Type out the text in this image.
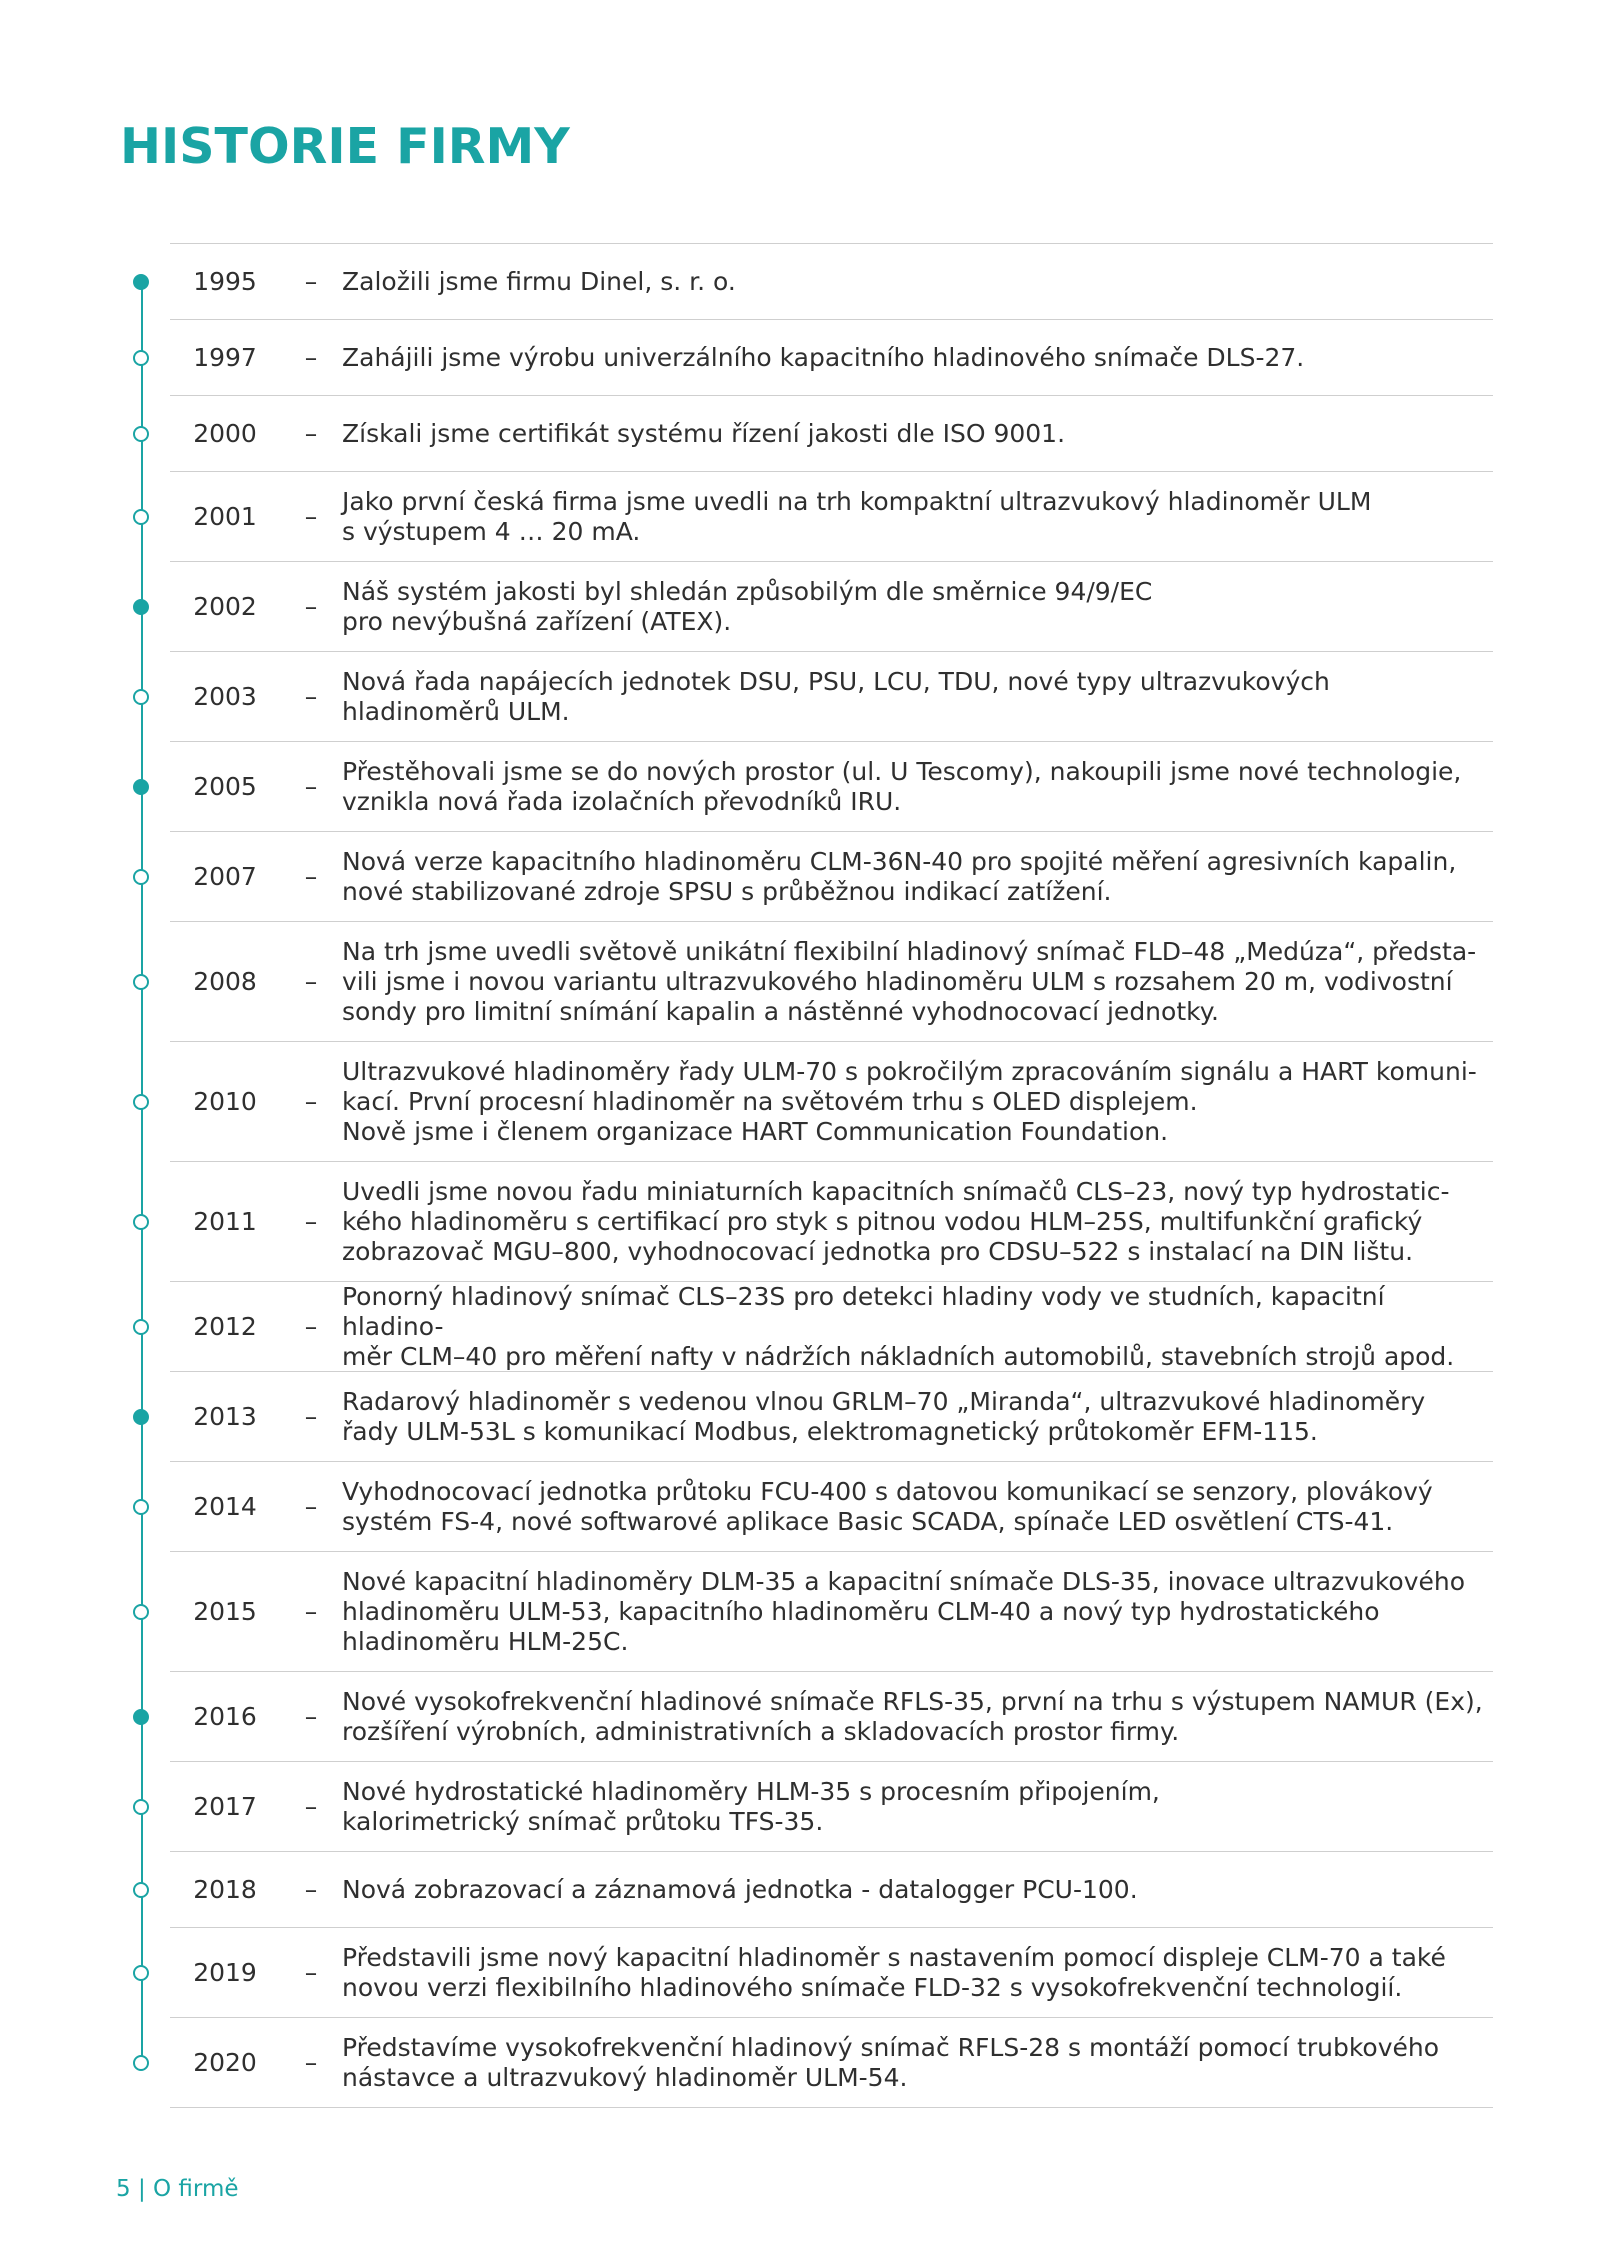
HISTORIE FIRMY
1995	– Založili jsme firmu Dinel, s. r. o.
1997	– Zahájili jsme výrobu univerzálního kapacitního hladinového snímače DLS-27.
2000	– Získali jsme certifikát systému řízení jakosti dle ISO 9001.
2001	–
Jako první česká firma jsme uvedli na trh kompaktní ultrazvukový hladinoměr ULM
s výstupem 4 … 20 mA.
2002	–
Náš systém jakosti byl shledán způsobilým dle směrnice 94/9/EC
pro nevýbušná zařízení (ATEX).
2003	–
Nová řada napájecích jednotek DSU, PSU, LCU, TDU, nové typy ultrazvukových
hladinoměrů ULM.
2005	–
Přestěhovali jsme se do nových prostor (ul. U Tescomy), nakoupili jsme nové technologie,
vznikla nová řada izolačních převodníků IRU.
2007	–
Nová verze kapacitního hladinoměru CLM-36N-40 pro spojité měření agresivních kapalin,
nové stabilizované zdroje SPSU s průběžnou indikací zatížení.
2008	–
Na trh jsme uvedli světově unikátní flexibilní hladinový snímač FLD–48 „Medúza“, předsta-
vili jsme i novou variantu ultrazvukového hladinoměru ULM s rozsahem 20 m, vodivostní
sondy pro limitní snímání kapalin a nástěnné vyhodnocovací jednotky.
2010	–
Ultrazvukové hladinoměry řady ULM-70 s pokročilým zpracováním signálu a HART komuni-
kací. První procesní hladinoměr na světovém trhu s OLED displejem.
Nově jsme i členem organizace HART Communication Foundation.
2011	–
Uvedli jsme novou řadu miniaturních kapacitních snímačů CLS–23, nový typ hydrostatic-
kého hladinoměru s certifikací pro styk s pitnou vodou HLM–25S, multifunkční grafický
zobrazovač MGU–800, vyhodnocovací jednotka pro CDSU–522 s instalací na DIN lištu.
2012	–
Ponorný hladinový snímač CLS–23S pro detekci hladiny vody ve studních, kapacitní hladino-
měr CLM–40 pro měření nafty v nádržích nákladních automobilů, stavebních strojů apod.
2013	–
Radarový hladinoměr s vedenou vlnou GRLM–70 „Miranda“, ultrazvukové hladinoměry
řady ULM-53L s komunikací Modbus, elektromagnetický průtokoměr EFM-115.
2014	–
Vyhodnocovací jednotka průtoku FCU-400 s datovou komunikací se senzory, plovákový
systém FS-4, nové softwarové aplikace Basic SCADA, spínače LED osvětlení CTS-41.
2015	–
Nové kapacitní hladinoměry DLM-35 a kapacitní snímače DLS-35, inovace ultrazvukového
hladinoměru ULM-53, kapacitního hladinoměru CLM-40 a nový typ hydrostatického
hladinoměru HLM-25C.
2016	–
Nové vysokofrekvenční hladinové snímače RFLS-35, první na trhu s výstupem NAMUR (Ex),
rozšíření výrobních, administrativních a skladovacích prostor firmy.
2017	–
Nové hydrostatické hladinoměry HLM-35 s procesním připojením,
kalorimetrický snímač průtoku TFS-35.
2018	– Nová zobrazovací a záznamová jednotka - datalogger PCU-100.
2019	–
Představili jsme nový kapacitní hladinoměr s nastavením pomocí displeje CLM-70 a také
novou verzi flexibilního hladinového snímače FLD-32 s vysokofrekvenční technologií.
2020	–
Představíme vysokofrekvenční hladinový snímač RFLS-28 s montáží pomocí trubkového
nástavce a ultrazvukový hladinoměr ULM-54.
5 | O firmě
